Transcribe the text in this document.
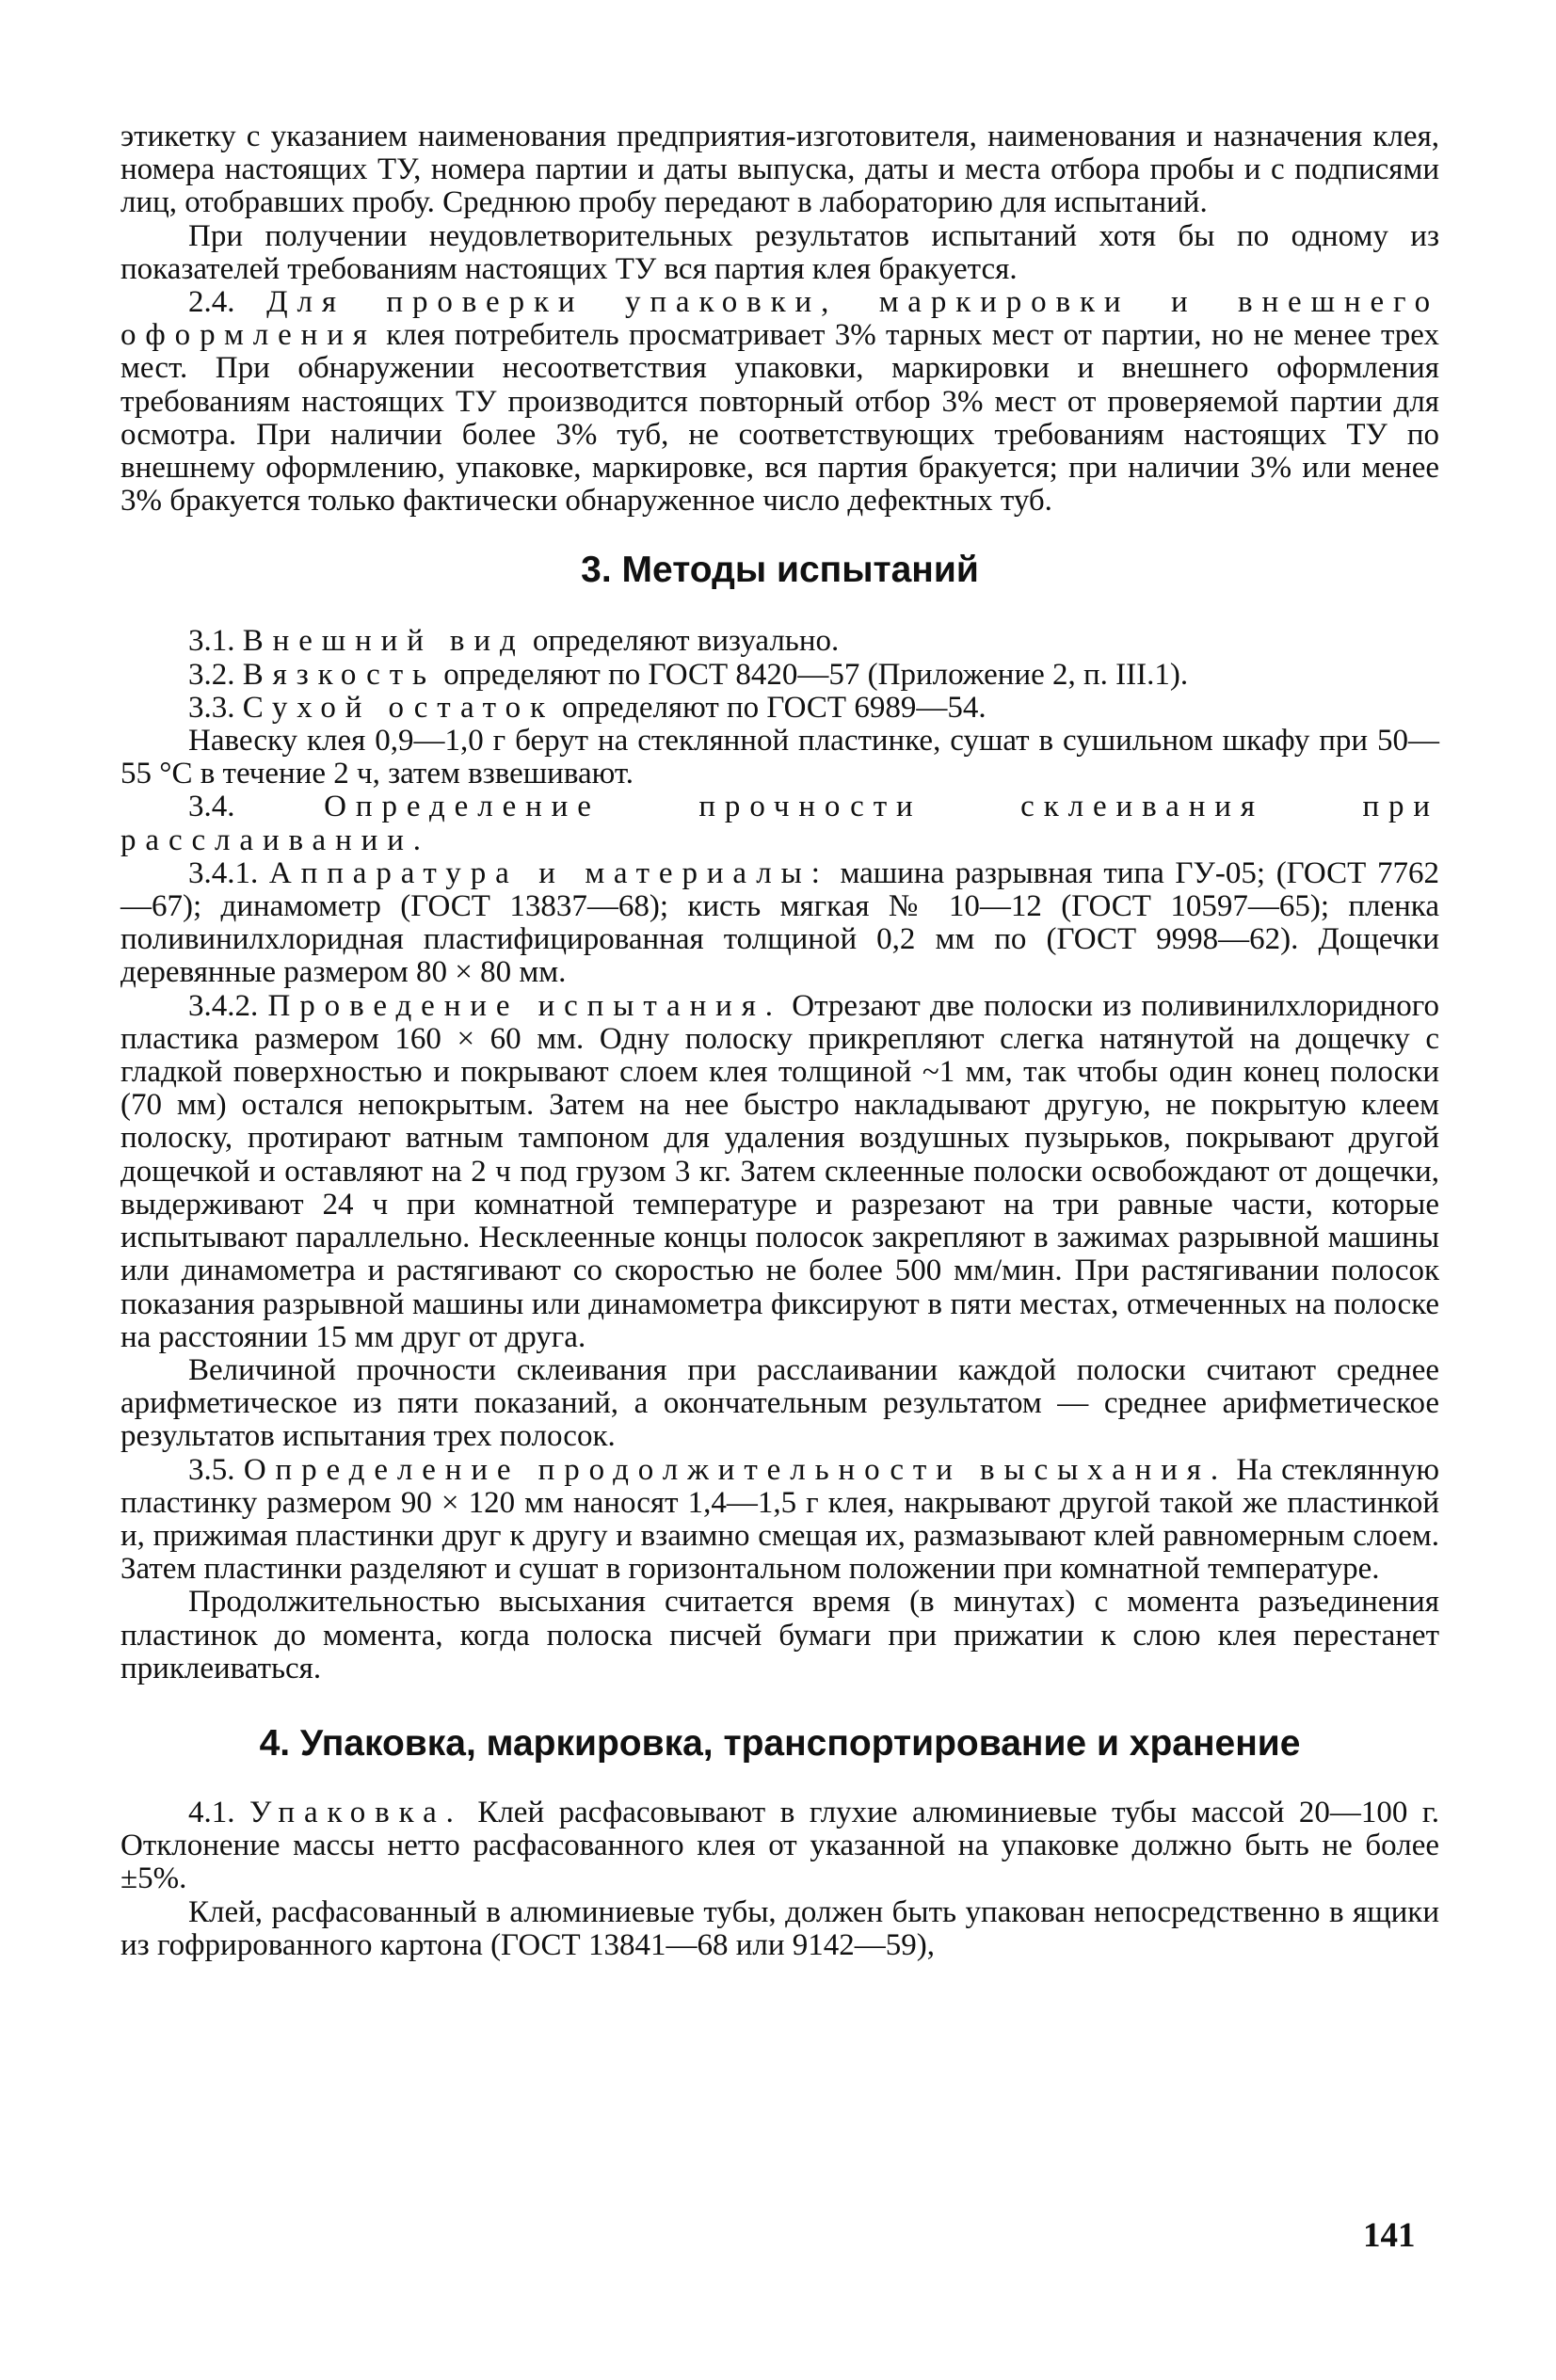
этикетку с указанием наименования предприятия-изготовителя, наименования и назначения клея, номера настоящих ТУ, номера партии и даты выпуска, даты и места отбора пробы и с подписями лиц, отобравших пробу. Среднюю пробу передают в лабораторию для испытаний.

При получении неудовлетворительных результатов испытаний хотя бы по одному из показателей требованиям настоящих ТУ вся партия клея бракуется.

2.4. Для проверки упаковки, маркировки и внешнего оформления клея потребитель просматривает 3% тарных мест от партии, но не менее трех мест. При обнаружении несоответствия упаковки, маркировки и внешнего оформления требованиям настоящих ТУ производится повторный отбор 3% мест от проверяемой партии для осмотра. При наличии более 3% туб, не соответствующих требованиям настоящих ТУ по внешнему оформлению, упаковке, маркировке, вся партия бракуется; при наличии 3% или менее 3% бракуется только фактически обнаруженное число дефектных туб.

3. Методы испытаний

3.1. Внешний вид определяют визуально.

3.2. Вязкость определяют по ГОСТ 8420—57 (Приложение 2, п. III.1).

3.3. Сухой остаток определяют по ГОСТ 6989—54.

Навеску клея 0,9—1,0 г берут на стеклянной пластинке, сушат в сушильном шкафу при 50—55 °С в течение 2 ч, затем взвешивают.

3.4.	Определение прочности склеивания при расслаивании.

3.4.1. Аппаратура и материалы: машина разрывная типа ГУ-05; (ГОСТ 7762—67); динамометр (ГОСТ 13837—68); кисть мягкая № 10—12 (ГОСТ 10597—65); пленка поливинилхлоридная пластифицированная толщиной 0,2 мм по (ГОСТ 9998—62). Дощечки деревянные размером 80 × 80 мм.

3.4.2. Проведение испытания. Отрезают две полоски из поливинилхлоридного пластика размером 160 × 60 мм. Одну полоску прикрепляют слегка натянутой на дощечку с гладкой поверхностью и покрывают слоем клея толщиной ~1 мм, так чтобы один конец полоски (70 мм) остался непокрытым. Затем на нее быстро накладывают другую, не покрытую клеем полоску, протирают ватным тампоном для удаления воздушных пузырьков, покрывают другой дощечкой и оставляют на 2 ч под грузом 3 кг. Затем склеенные полоски освобождают от дощечки, выдерживают 24 ч при комнатной температуре и разрезают на три равные части, которые испытывают параллельно. Несклеенные концы полосок закрепляют в зажимах разрывной машины или динамометра и растягивают со скоростью не более 500 мм/мин. При растягивании полосок показания разрывной машины или динамометра фиксируют в пяти местах, отмеченных на полоске на расстоянии 15 мм друг от друга.

Величиной прочности склеивания при расслаивании каждой полоски считают среднее арифметическое из пяти показаний, а окончательным результатом — среднее арифметическое результатов испытания трех полосок.

3.5. Определение продолжительности высыхания. На стеклянную пластинку размером 90 × 120 мм наносят 1,4—1,5 г клея, накрывают другой такой же пластинкой и, прижимая пластинки друг к другу и взаимно смещая их, размазывают клей равномерным слоем. Затем пластинки разделяют и сушат в горизонтальном положении при комнатной температуре.

Продолжительностью высыхания считается время (в минутах) с момента разъединения пластинок до момента, когда полоска писчей бумаги при прижатии к слою клея перестанет приклеиваться.

4. Упаковка, маркировка, транспортирование и хранение

4.1. Упаковка. Клей расфасовывают в глухие алюминиевые тубы массой 20—100 г. Отклонение массы нетто расфасованного клея от указанной на упаковке должно быть не более ±5%.

Клей, расфасованный в алюминиевые тубы, должен быть упакован непосредственно в ящики из гофрированного картона (ГОСТ 13841—68 или 9142—59),

141
